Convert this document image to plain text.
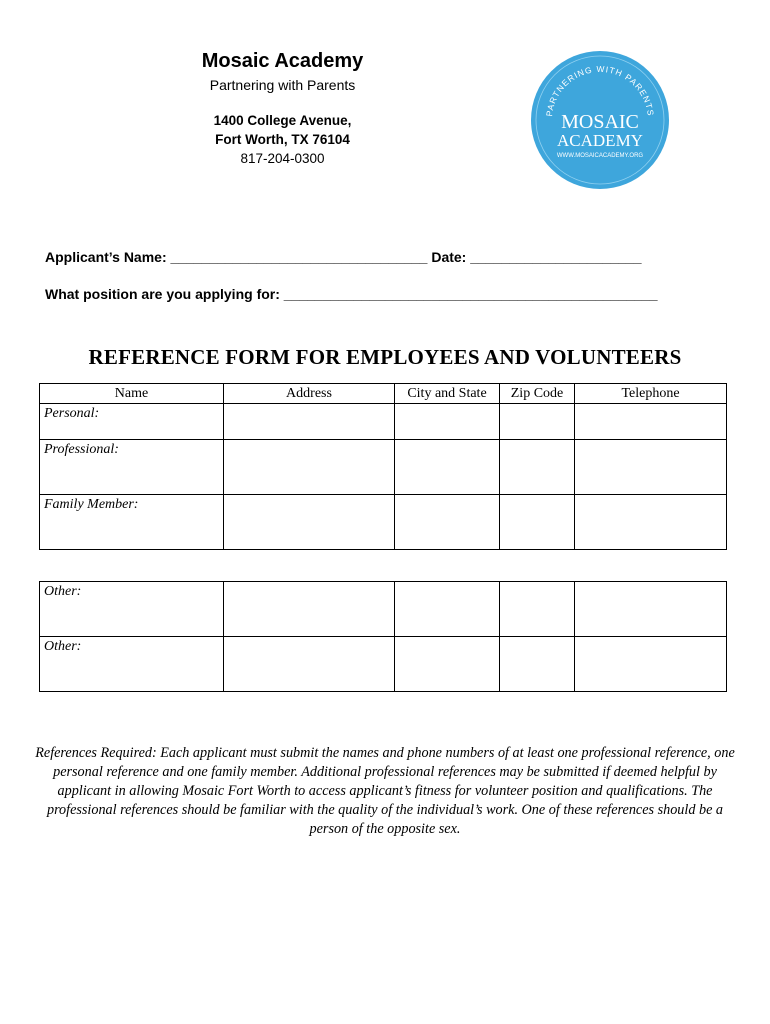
Mosaic Academy
Partnering with Parents
1400 College Avenue,
Fort Worth, TX 76104
817-204-0300
PARTNERING WITH PARENTS
MOSAIC
ACADEMY
WWW.MOSAICACADEMY.ORG
Applicant’s Name: _________________________________ Date: ______________________
What position are you applying for: ________________________________________________
REFERENCE FORM FOR EMPLOYEES AND VOLUNTEERS
Name	Address	City and State	Zip Code	Telephone
Personal:				
Professional:				
Family Member:				
Other:				
Other:				
References Required: Each applicant must submit the names and phone numbers of at least one professional reference, one personal reference and one family member. Additional professional references may be submitted if deemed helpful by applicant in allowing Mosaic Fort Worth to access applicant’s fitness for volunteer position and qualifications. The professional references should be familiar with the quality of the individual’s work. One of these references should be a person of the opposite sex.
